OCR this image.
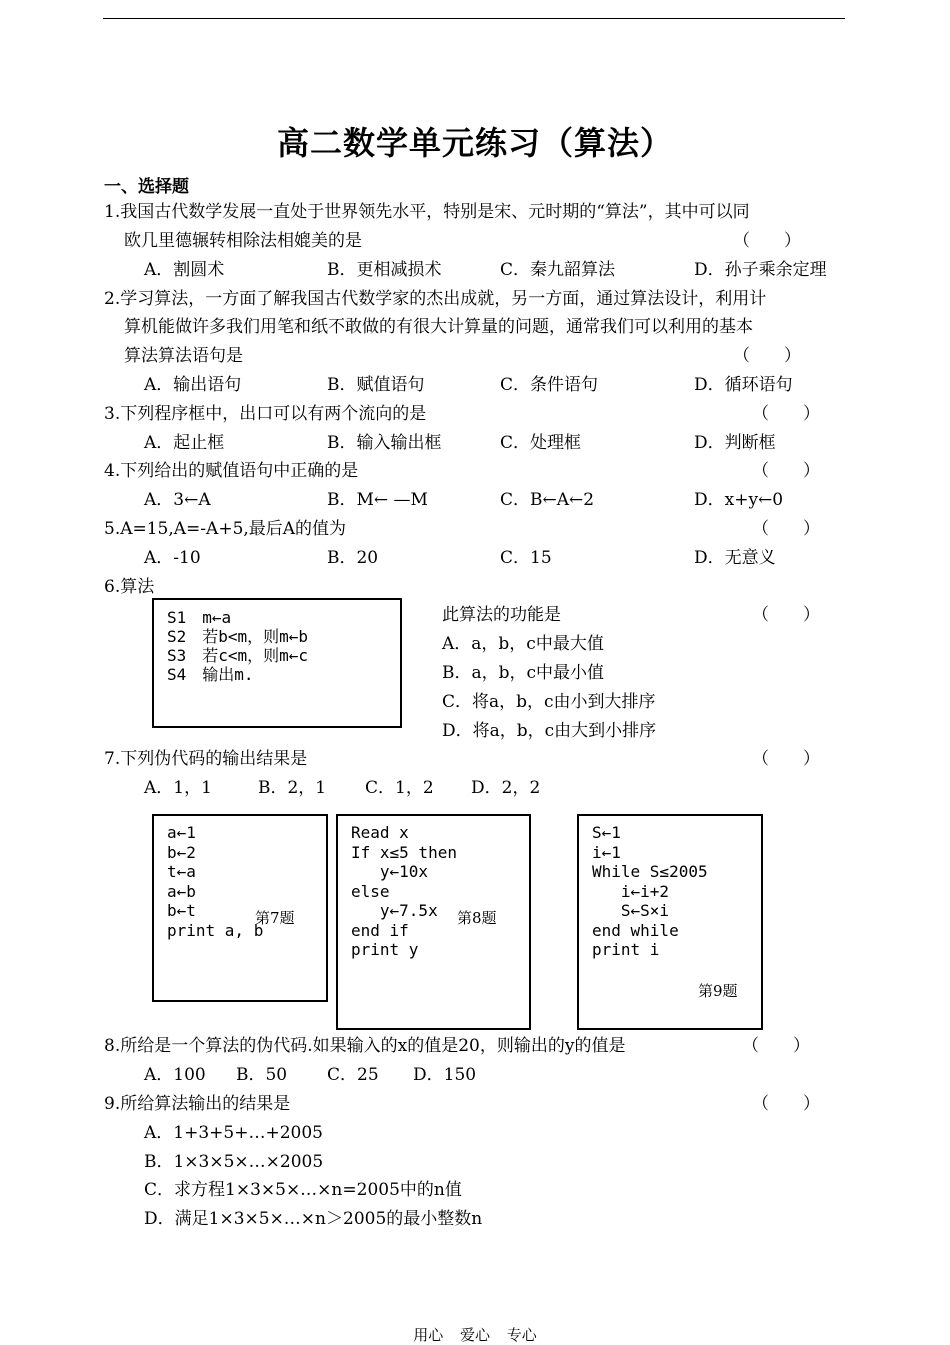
高二数学单元练习（算法）
一、选择题
1.我国古代数学发展一直处于世界领先水平，特别是宋、元时期的“算法”，其中可以同
欧几里德辗转相除法相媲美的是	（　　）
A．割圆术	B．更相减损术	C．秦九韶算法	D．孙子乘余定理
2.学习算法，一方面了解我国古代数学家的杰出成就，另一方面，通过算法设计，利用计
算机能做许多我们用笔和纸不敢做的有很大计算量的问题，通常我们可以利用的基本
算法算法语句是	（　　）
A．输出语句	B．赋值语句	C．条件语句	D．循环语句
3.下列程序框中，出口可以有两个流向的是	（　　）
A．起止框	B．输入输出框	C．处理框	D．判断框
4.下列给出的赋值语句中正确的是	（　　）
A．3←A	B．M← —M	C．B←A←2	D．x+y←0
5.A=15,A=-A+5,最后A的值为	（　　）
A．-10	B．20	C．15	D．无意义
6.算法
S1　m←a
S2　若b<m，则m←b
S3　若c<m，则m←c
S4　输出m.
此算法的功能是	（　　）
A．a，b，c中最大值
B．a，b，c中最小值
C．将a，b，c由小到大排序
D．将a，b，c由大到小排序
7.下列伪代码的输出结果是	（　　）
A．1，1	B．2，1 C．1，2 D．2，2
a←1
b←2
t←a
a←b
b←t
print a, b
第7题
Read x
If x≤5 then
y←10x
else
y←7.5x
end if
print y
第8题
S←1
i←1
While S≤2005
i←i+2
S←S×i
end while
print i
第9题
8.所给是一个算法的伪代码.如果输入的x的值是20，则输出的y的值是	（　　）
A．100 B．50 C．25 D．150
9.所给算法输出的结果是	（　　）
A．1+3+5+…+2005
B．1×3×5×…×2005
C．求方程1×3×5×…×n=2005中的n值
D．满足1×3×5×…×n＞2005的最小整数n
用心 爱心 专心
